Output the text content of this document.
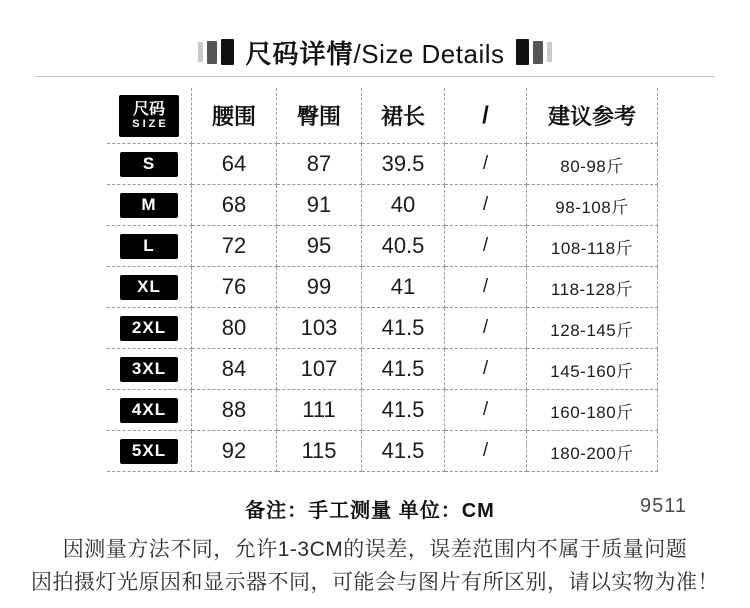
尺码详情/Size Details
尺码
SIZE	腰围	臀围	裙长	/	建议参考
S	64	87	39.5	/	80-98斤
M	68	91	40	/	98-108斤
L	72	95	40.5	/	108-118斤
XL	76	99	41	/	118-128斤
2XL	80	103	41.5	/	128-145斤
3XL	84	107	41.5	/	145-160斤
4XL	88	111	41.5	/	160-180斤
5XL	92	115	41.5	/	180-200斤
备注：手工测量 单位：CM	9511
因测量方法不同，允许1-3CM的误差，误差范围内不属于质量问题
因拍摄灯光原因和显示器不同，可能会与图片有所区别，请以实物为准！
